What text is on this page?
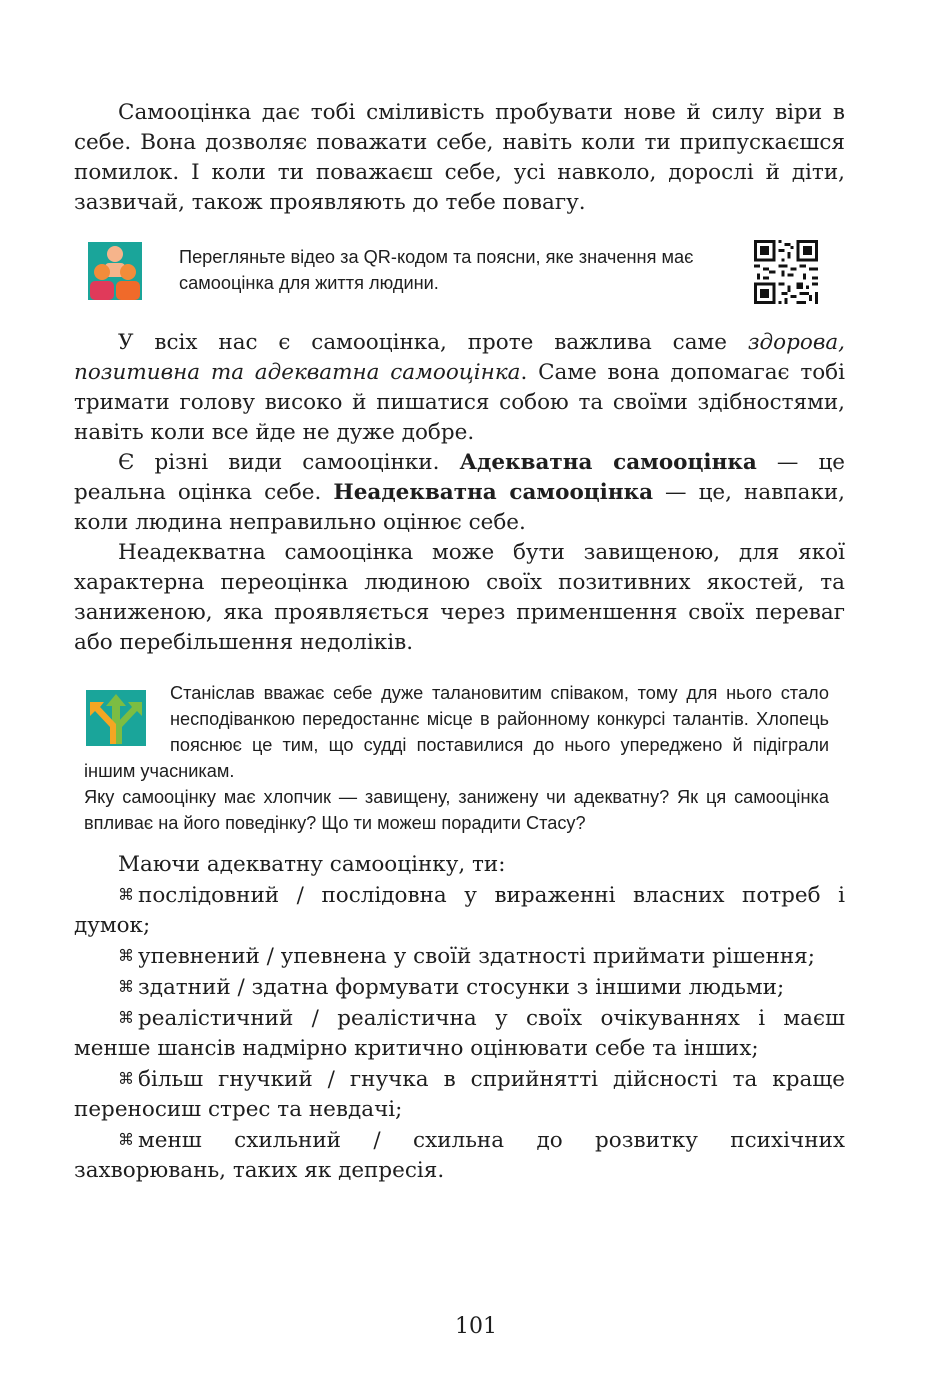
Самооцінка дає тобі сміливість пробувати нове й силу віри в себе. Вона дозволяє поважати себе, навіть коли ти припускаєшся помилок. І коли ти поважаєш себе, усі навколо, дорослі й діти, зазвичай, також проявляють до тебе повагу.

Перегляньте відео за QR-кодом та поясни, яке значення має самооцінка для життя людини.

У всіх нас є самооцінка, проте важлива саме здорова, позитивна та адекватна самооцінка. Саме вона допомагає тобі тримати голову високо й пишатися собою та своїми здібностями, навіть коли все йде не дуже добре.

Є різні види самооцінки. Адекватна самооцінка — це реальна оцінка себе. Неадекватна самооцінка — це, навпаки, коли людина неправильно оцінює себе.

Неадекватна самооцінка може бути завищеною, для якої характерна переоцінка людиною своїх позитивних якостей, та заниженою, яка проявляється через применшення своїх переваг або перебільшення недоліків.

Станіслав вважає себе дуже талановитим співаком, тому для нього стало несподіванкою передостаннє місце в районному конкурсі талантів. Хлопець пояснює це тим, що судді поставилися до нього упереджено й підіграли іншим учасникам.
Яку самооцінку має хлопчик — завищену, занижену чи адекватну? Як ця самооцінка впливає на його поведінку? Що ти можеш порадити Стасу?

Маючи адекватну самооцінку, ти:

⌘ послідовний / послідовна у вираженні власних потреб і думок;

⌘ упевнений / упевнена у своїй здатності приймати рішення;

⌘ здатний / здатна формувати стосунки з іншими людьми;

⌘ реалістичний / реалістична у своїх очікуваннях і маєш менше шансів надмірно критично оцінювати себе та інших;

⌘ більш гнучкий / гнучка в сприйнятті дійсності та краще переносиш стрес та невдачі;

⌘ менш схильний / схильна до розвитку психічних захворювань, таких як депресія.

101
